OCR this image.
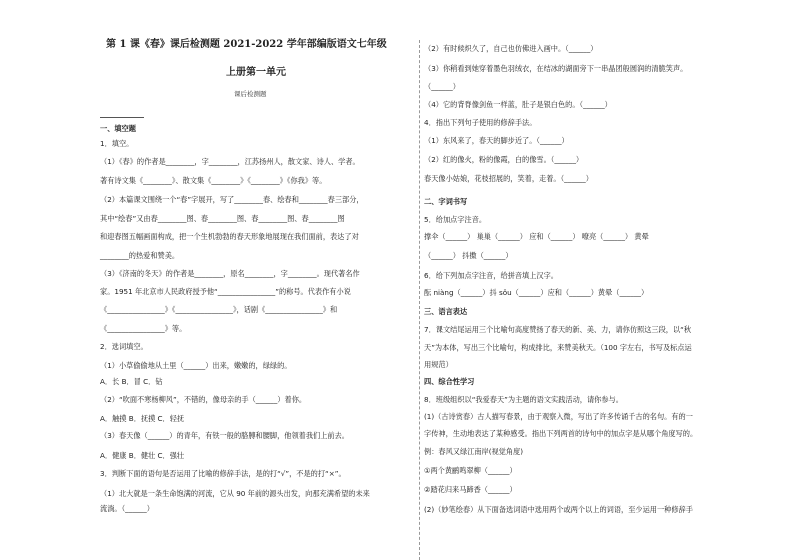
第 1 课《春》课后检测题 2021-2022 学年部编版语文七年级
上册第一单元
课后检测题
一、填空题
1．填空。
（1）《春》的作者是________，字________，江苏扬州人，散文家、诗人、学者。
著有诗文集《________》、散文集《________》《________》《你我》等。
（2）本篇课文围绕一个“春”字展开，写了________春、绘春和________春三部分，
其中“绘春”又由春________图、春________图、春________图、春________图
和迎春图五幅画面构成，把一个生机勃勃的春天形象地展现在我们面前，表达了对
________的热爱和赞美。
（3）《济南的冬天》的作者是________，原名________，字________。现代著名作
家。1951 年北京市人民政府授予他“________________”的称号。代表作有小说
《________________》《________________》，话剧《________________》和
《________________》等。
2．选词填空。
（1）小草偷偷地从土里（______）出来，嫩嫩的，绿绿的。
A．长 B．冒 C．钻
（2）“吹面不寒杨柳风”，不错的，像母亲的手（______）着你。
A．触摸 B．抚摸 C．轻抚
（3）春天像（______）的青年，有铁一般的胳膊和腰脚，他领着我们上前去。
A．健康 B．健壮 C．强壮
3．判断下面的语句是否运用了比喻的修辞手法，是的打“√”，不是的打“×”。
（1）北大就是一条生命饱满的河流，它从 90 年前的源头出发，向那充满希望的未来
流淌。（______）
（2）有时候炽久了，自己也仿佛进入画中。（______）
（3）你稍看到她穿着墨色羽绒衣，在结冰的湖面旁下一串晶团般圆润的清脆笑声。
（______）
（4）它的背脊像剑鱼一样蓝，肚子是银白色的。（______）
4．指出下列句子使用的修辞手法。
（1）东风来了，春天的脚步近了。（______）
（2）红的像火，粉的像霞，白的像雪。（______）
春天像小姑娘，花枝招展的，笑着，走着。（______）
二、字词书写
5．给加点字注音。
撑伞（______） 巢巢（______） 应和（______） 嘹亮（______） 黄晕
（______） 抖擞（______）
6．给下列加点字注音，给拼音填上汉字。
酝 niàng（______）抖 sǒu（______）应和（______）黄晕（______）
三、语言表达
7．课文结尾运用三个比喻句高度赞扬了春天的新、美、力，请你仿照这三段，以“秋
天”为本体，写出三个比喻句，构成排比，来赞美秋天。（100 字左右，书写及标点运
用规范）
四、综合性学习
8．班级组织以“我爱春天”为主题的语文实践活动，请你参与。
(1)（古诗赏春）古人描写春景，由于观察入微，写出了许多传诵千古的名句。有的一
字传神，生动地表达了某种感受。指出下列两首的诗句中的加点字是从哪个角度写的。
例：春风又绿江南岸(视觉角度)
①两个黄鹂鸣翠柳（______）
②踏花归来马蹄香（______）
(2)（妙笔绘春）从下面备选词语中选用两个或两个以上的词语，至少运用一种修辞手
